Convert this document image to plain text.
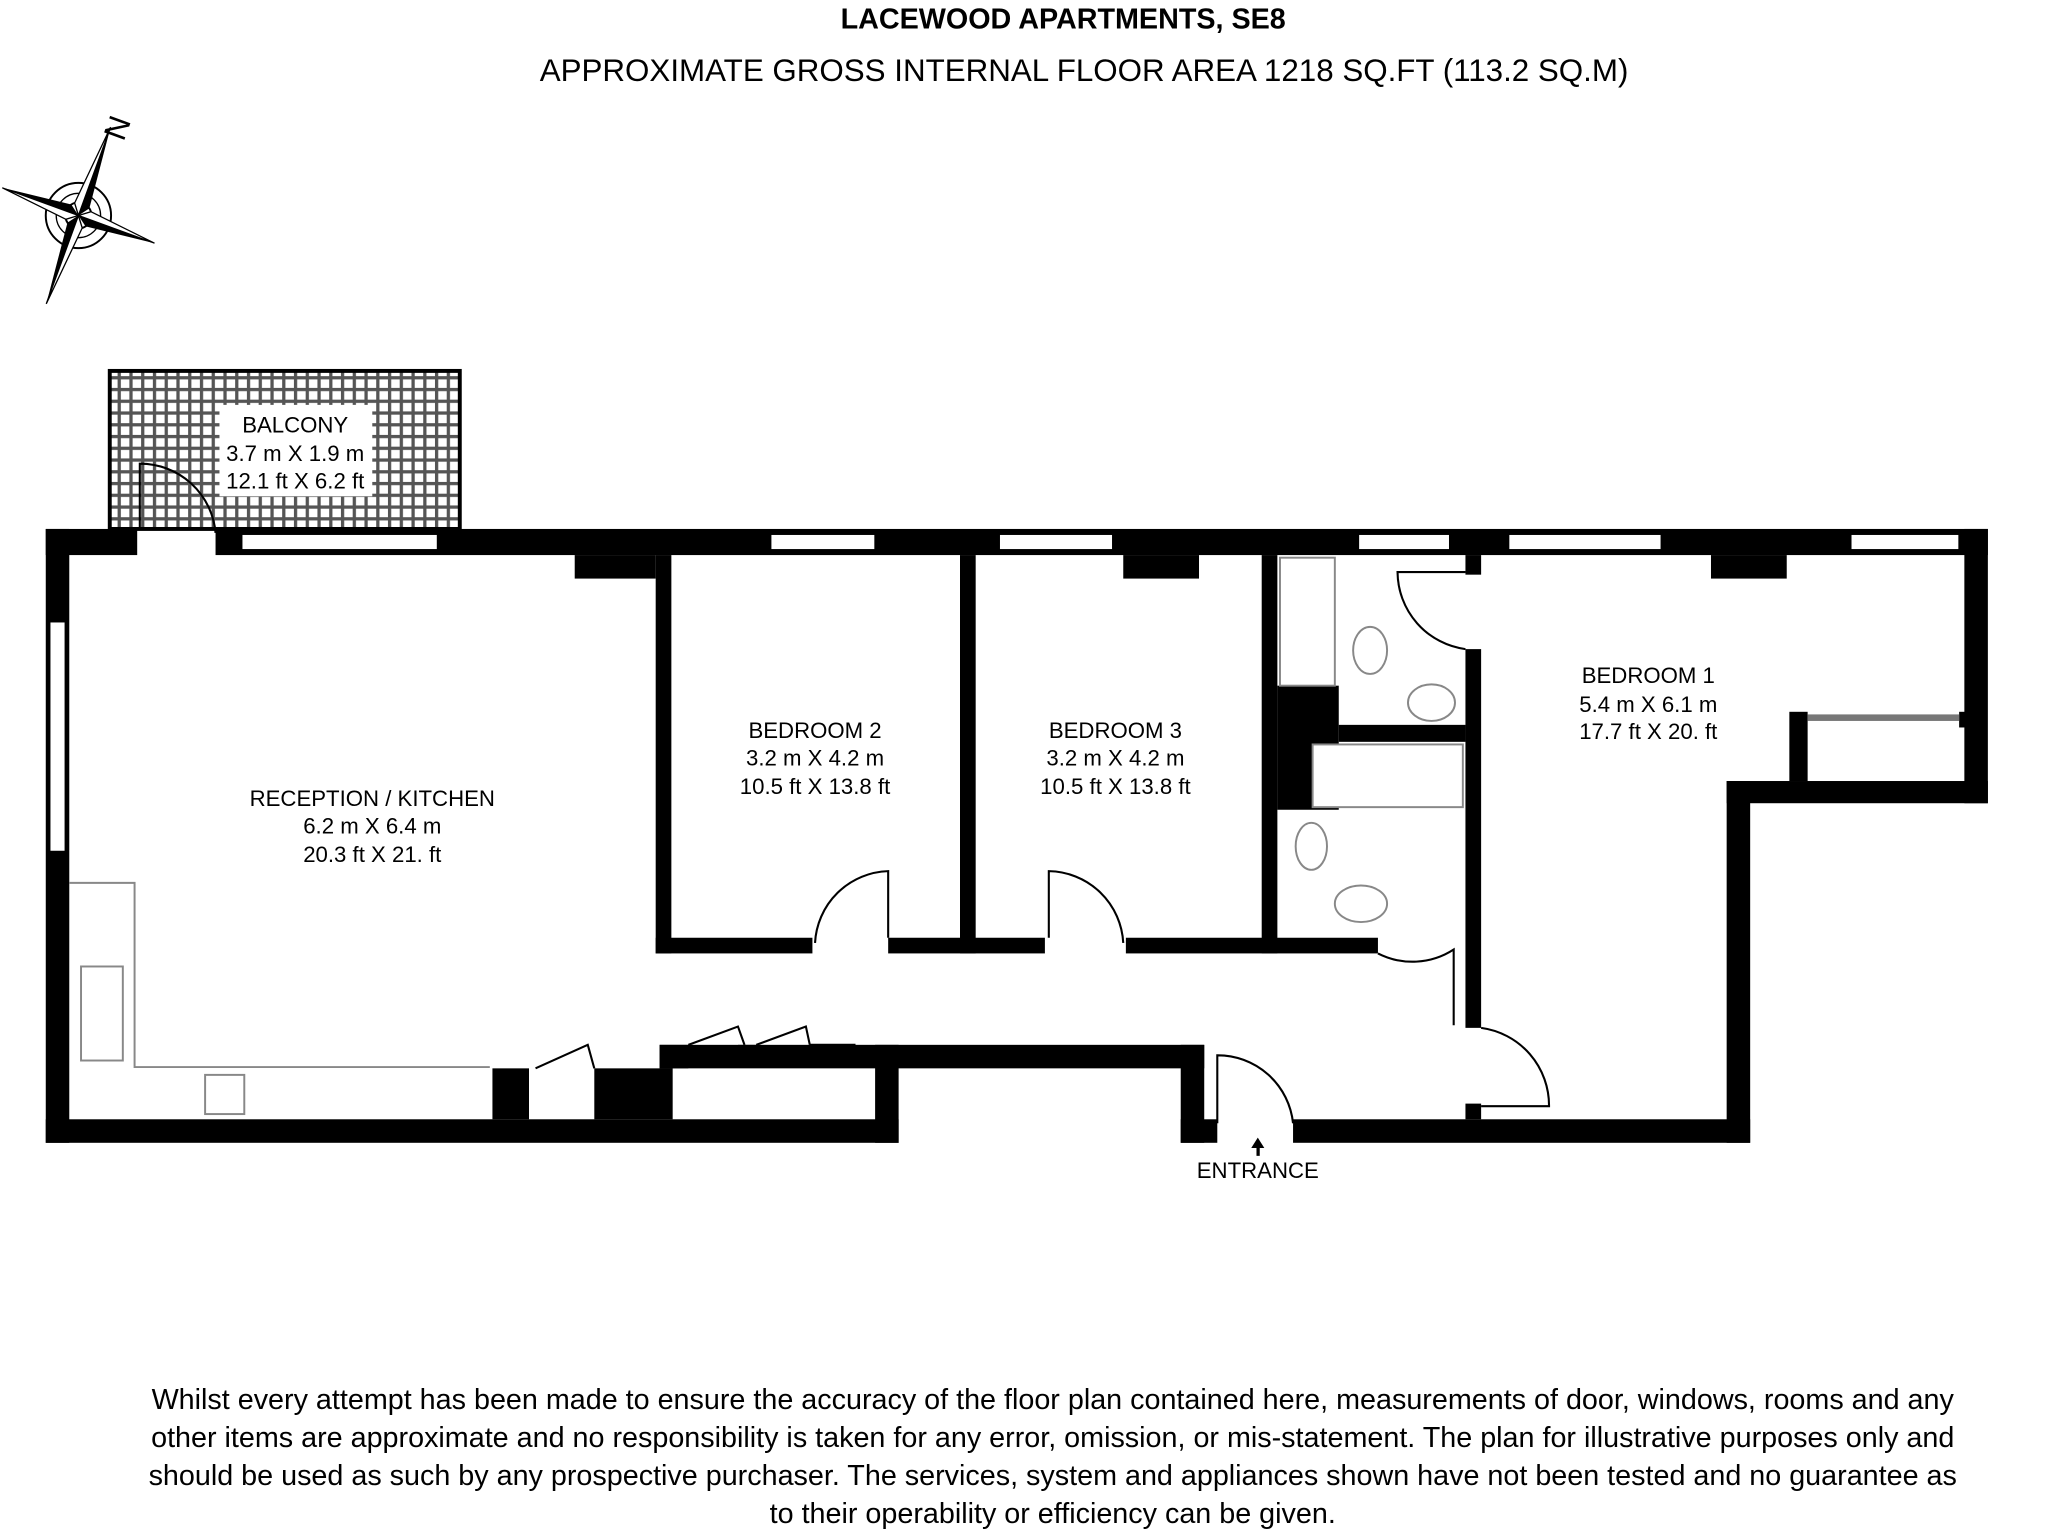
LACEWOOD APARTMENTS, SE8
APPROXIMATE GROSS INTERNAL FLOOR AREA 1218 SQ.FT (113.2 SQ.M)
N
BALCONY
3.7 m X 1.9 m
12.1 ft X 6.2 ft
RECEPTION / KITCHEN
6.2 m X 6.4 m
20.3 ft X 21. ft
BEDROOM 2
3.2 m X 4.2 m
10.5 ft X 13.8 ft
BEDROOM 3
3.2 m X 4.2 m
10.5 ft X 13.8 ft
BEDROOM 1
5.4 m X 6.1 m
17.7 ft X 20. ft
ENTRANCE
Whilst every attempt has been made to ensure the accuracy of the floor plan contained here, measurements of door, windows, rooms and any
other items are approximate and no responsibility is taken for any error, omission, or mis-statement. The plan for illustrative purposes only and
should be used as such by any prospective purchaser. The services, system and appliances shown have not been tested and no guarantee as
to their operability or efficiency can be given.
